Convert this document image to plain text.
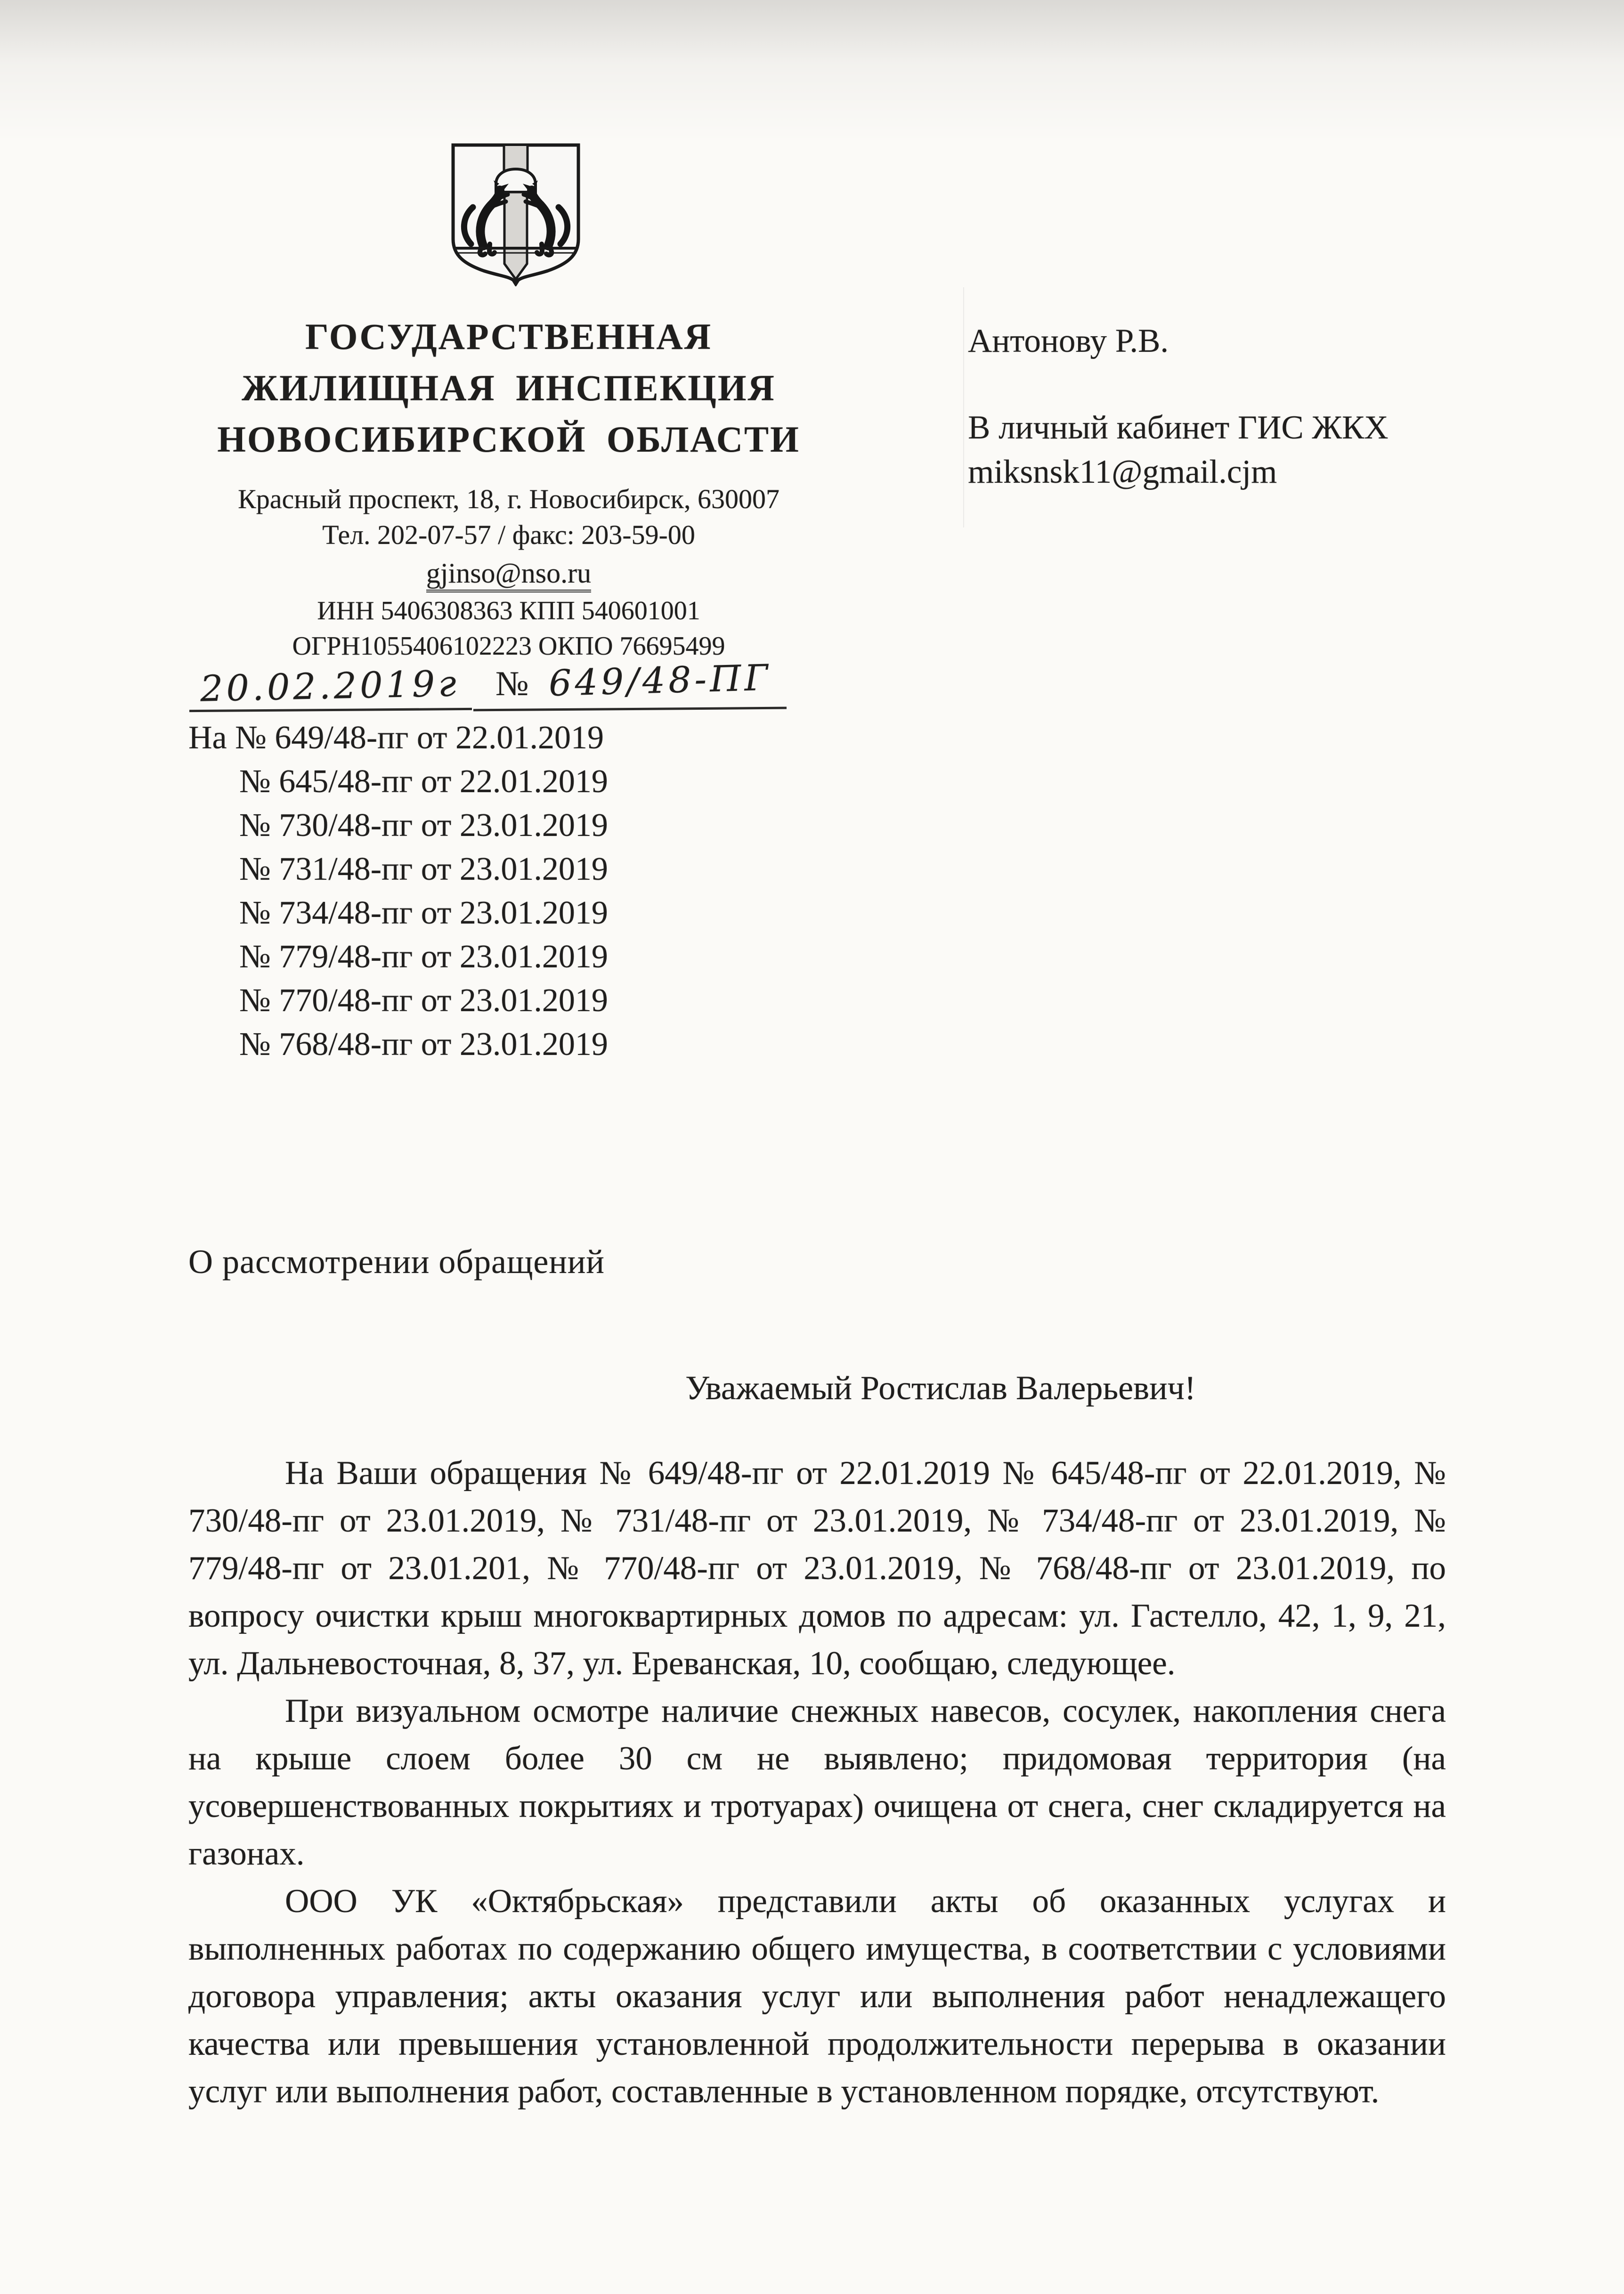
ГОСУДАРСТВЕННАЯ
ЖИЛИЩНАЯ ИНСПЕКЦИЯ
НОВОСИБИРСКОЙ ОБЛАСТИ
Красный проспект, 18, г. Новосибирск, 630007
Тел. 202-07-57 / факс: 203-59-00
gjinso@nso.ru
ИНН 5406308363 КПП 540601001
ОГРН1055406102223 ОКПО 76695499
20.02.2019г № 649/48-ПГ
Антонову Р.В.
В личный кабинет ГИС ЖКХ
miksnsk11@gmail.cjm
На № 649/48-пг от 22.01.2019
№ 645/48-пг от 22.01.2019
№ 730/48-пг от 23.01.2019
№ 731/48-пг от 23.01.2019
№ 734/48-пг от 23.01.2019
№ 779/48-пг от 23.01.2019
№ 770/48-пг от 23.01.2019
№ 768/48-пг от 23.01.2019
О рассмотрении обращений
Уважаемый Ростислав Валерьевич!

На Ваши обращения № 649/48-пг от 22.01.2019 № 645/48-пг от 22.01.2019, № 730/48-пг от 23.01.2019, № 731/48-пг от 23.01.2019, № 734/48-пг от 23.01.2019, № 779/48-пг от 23.01.201, № 770/48-пг от 23.01.2019, № 768/48-пг от 23.01.2019, по вопросу очистки крыш многоквартирных домов по адресам: ул. Гастелло, 42, 1, 9, 21, ул. Дальневосточная, 8, 37, ул. Ереванская, 10, сообщаю, следующее.

При визуальном осмотре наличие снежных навесов, сосулек, накопления снега на крыше слоем более 30 см не выявлено; придомовая территория (на усовершенствованных покрытиях и тротуарах) очищена от снега, снег складируется на газонах.

ООО УК «Октябрьская» представили акты об оказанных услугах и выполненных работах по содержанию общего имущества, в соответствии с условиями договора управления; акты оказания услуг или выполнения работ ненадлежащего качества или превышения установленной продолжительности перерыва в оказании услуг или выполнения работ, составленные в установленном порядке, отсутствуют.
